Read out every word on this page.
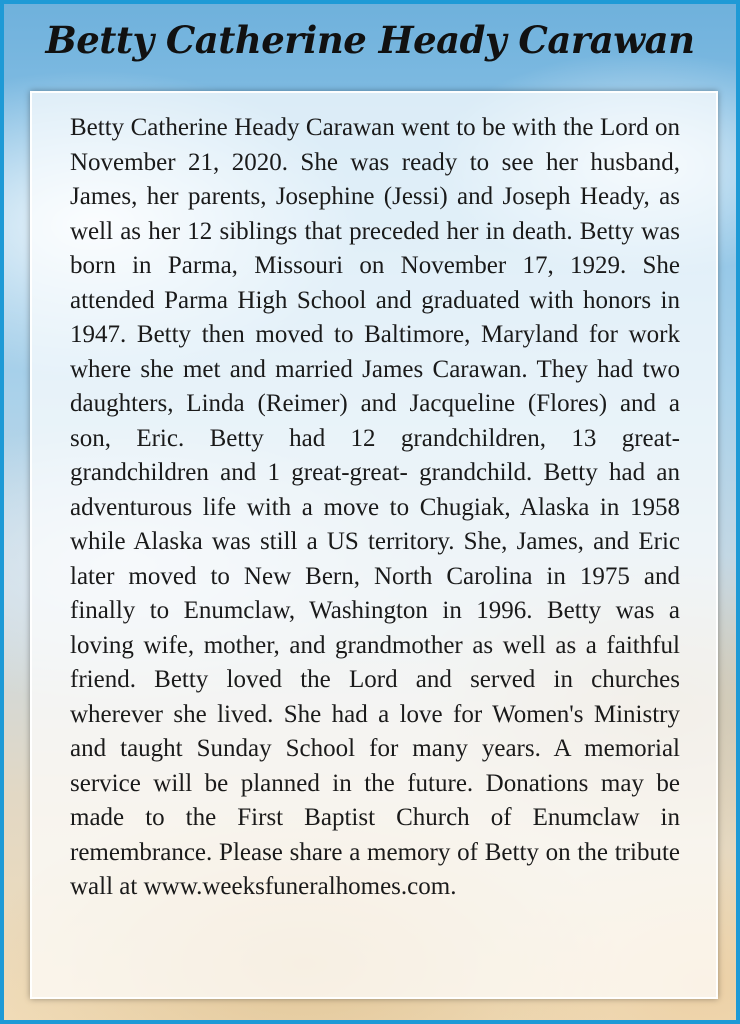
Betty Catherine Heady Carawan

Betty Catherine Heady Carawan went to be with the Lord on November 21, 2020. She was ready to see her husband, James, her parents, Josephine (Jessi) and Joseph Heady, as well as her 12 siblings that preceded her in death. Betty was born in Parma, Missouri on November 17, 1929. She attended Parma High School and graduated with honors in 1947. Betty then moved to Baltimore, Maryland for work where she met and married James Carawan. They had two daughters, Linda (Reimer) and Jacqueline (Flores) and a son, Eric. Betty had 12 grandchildren, 13 great- grandchildren and 1 great-great- grandchild. Betty had an adventurous life with a move to Chugiak, Alaska in 1958 while Alaska was still a US territory. She, James, and Eric later moved to New Bern, North Carolina in 1975 and finally to Enumclaw, Washington in 1996. Betty was a loving wife, mother, and grandmother as well as a faithful friend. Betty loved the Lord and served in churches wherever she lived. She had a love for Women's Ministry and taught Sunday School for many years. A memorial service will be planned in the future. Donations may be made to the First Baptist Church of Enumclaw in remembrance. Please share a memory of Betty on the tribute wall at www.weeksfuneralhomes.com.
